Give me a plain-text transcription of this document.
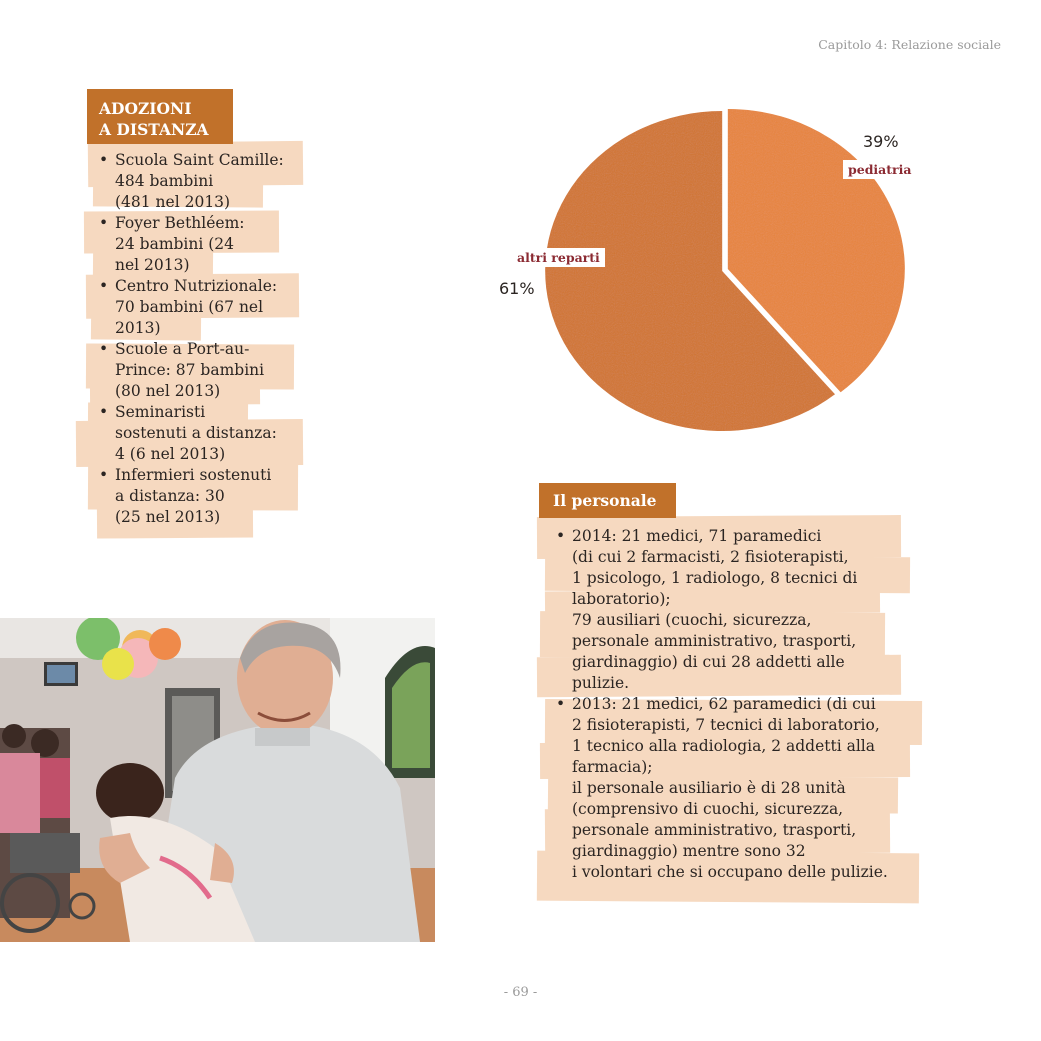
Capitolo 4: Relazione sociale
ADOZIONI
A DISTANZA
• Scuola Saint Camille:
484 bambini
(481 nel 2013)
• Foyer Bethléem:
24 bambini (24
nel 2013)
• Centro Nutrizionale:
70 bambini (67 nel
2013)
• Scuole a Port-au-
Prince: 87 bambini
(80 nel 2013)
• Seminaristi
sostenuti a distanza:
4 (6 nel 2013)
• Infermieri sostenuti
a distanza: 30
(25 nel 2013)
39%
pediatria
altri reparti
61%
Il personale
• 2014: 21 medici, 71 paramedici
(di cui 2 farmacisti, 2 fisioterapisti,
1 psicologo, 1 radiologo, 8 tecnici di
laboratorio);
79 ausiliari (cuochi, sicurezza,
personale amministrativo, trasporti,
giardinaggio) di cui 28 addetti alle
pulizie.
• 2013: 21 medici, 62 paramedici (di cui
2 fisioterapisti, 7 tecnici di laboratorio,
1 tecnico alla radiologia, 2 addetti alla
farmacia);
il personale ausiliario è di 28 unità
(comprensivo di cuochi, sicurezza,
personale amministrativo, trasporti,
giardinaggio) mentre sono 32
i volontari che si occupano delle pulizie.
- 69 -
